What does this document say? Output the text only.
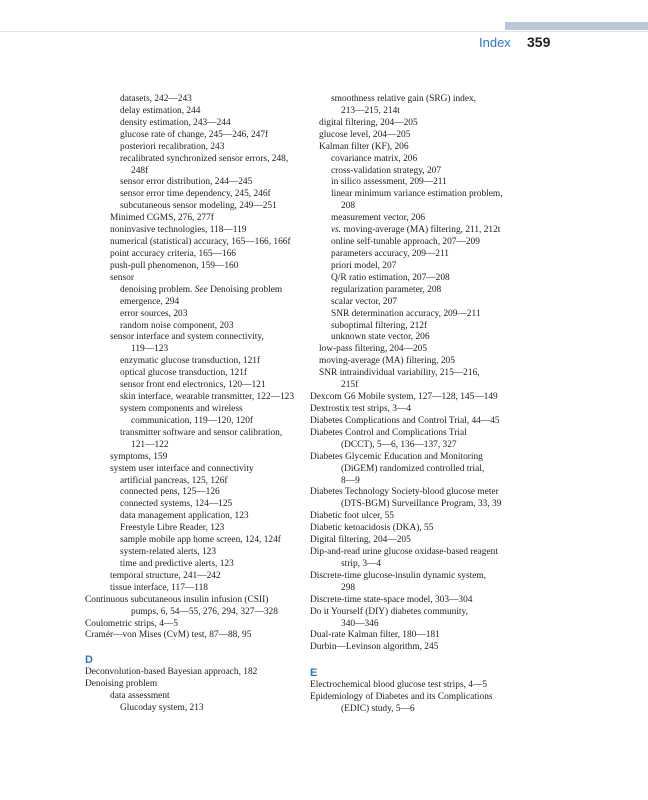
Index 359
datasets, 242—243
delay estimation, 244
density estimation, 243—244
glucose rate of change, 245—246, 247f
posteriori recalibration, 243
recalibrated synchronized sensor errors, 248,
248f
sensor error distribution, 244—245
sensor error time dependency, 245, 246f
subcutaneous sensor modeling, 249—251
Minimed CGMS, 276, 277f
noninvasive technologies, 118—119
numerical (statistical) accuracy, 165—166, 166f
point accuracy criteria, 165—166
push-pull phenomenon, 159—160
sensor
denoising problem. See Denoising problem
emergence, 294
error sources, 203
random noise component, 203
sensor interface and system connectivity,
119—123
enzymatic glucose transduction, 121f
optical glucose transduction, 121f
sensor front end electronics, 120—121
skin interface, wearable transmitter, 122—123
system components and wireless
communication, 119—120, 120f
transmitter software and sensor calibration,
121—122
symptoms, 159
system user interface and connectivity
artificial pancreas, 125, 126f
connected pens, 125—126
connected systems, 124—125
data management application, 123
Freestyle Libre Reader, 123
sample mobile app home screen, 124, 124f
system-related alerts, 123
time and predictive alerts, 123
temporal structure, 241—242
tissue interface, 117—118
Continuous subcutaneous insulin infusion (CSII)
pumps, 6, 54—55, 276, 294, 327—328
Coulometric strips, 4—5
Cramér—von Mises (CvM) test, 87—88, 95
D
Deconvolution-based Bayesian approach, 182
Denoising problem
data assessment
Glucoday system, 213
smoothness relative gain (SRG) index,
213—215, 214t
digital filtering, 204—205
glucose level, 204—205
Kalman filter (KF), 206
covariance matrix, 206
cross-validation strategy, 207
in silico assessment, 209—211
linear minimum variance estimation problem,
208
measurement vector, 206
vs. moving-average (MA) filtering, 211, 212t
online self-tunable approach, 207—209
parameters accuracy, 209—211
priori model, 207
Q/R ratio estimation, 207—208
regularization parameter, 208
scalar vector, 207
SNR determination accuracy, 209—211
suboptimal filtering, 212f
unknown state vector, 206
low-pass filtering, 204—205
moving-average (MA) filtering, 205
SNR intraindividual variability, 215—216,
215f
Dexcom G6 Mobile system, 127—128, 145—149
Dextrostix test strips, 3—4
Diabetes Complications and Control Trial, 44—45
Diabetes Control and Complications Trial
(DCCT), 5—6, 136—137, 327
Diabetes Glycemic Education and Monitoring
(DiGEM) randomized controlled trial,
8—9
Diabetes Technology Society-blood glucose meter
(DTS-BGM) Surveillance Program, 33, 39
Diabetic foot ulcer, 55
Diabetic ketoacidosis (DKA), 55
Digital filtering, 204—205
Dip-and-read urine glucose oxidase-based reagent
strip, 3—4
Discrete-time glucose-insulin dynamic system,
298
Discrete-time state-space model, 303—304
Do it Yourself (DIY) diabetes community,
340—346
Dual-rate Kalman filter, 180—181
Durbin—Levinson algorithm, 245
E
Electrochemical blood glucose test strips, 4—5
Epidemiology of Diabetes and its Complications
(EDIC) study, 5—6
